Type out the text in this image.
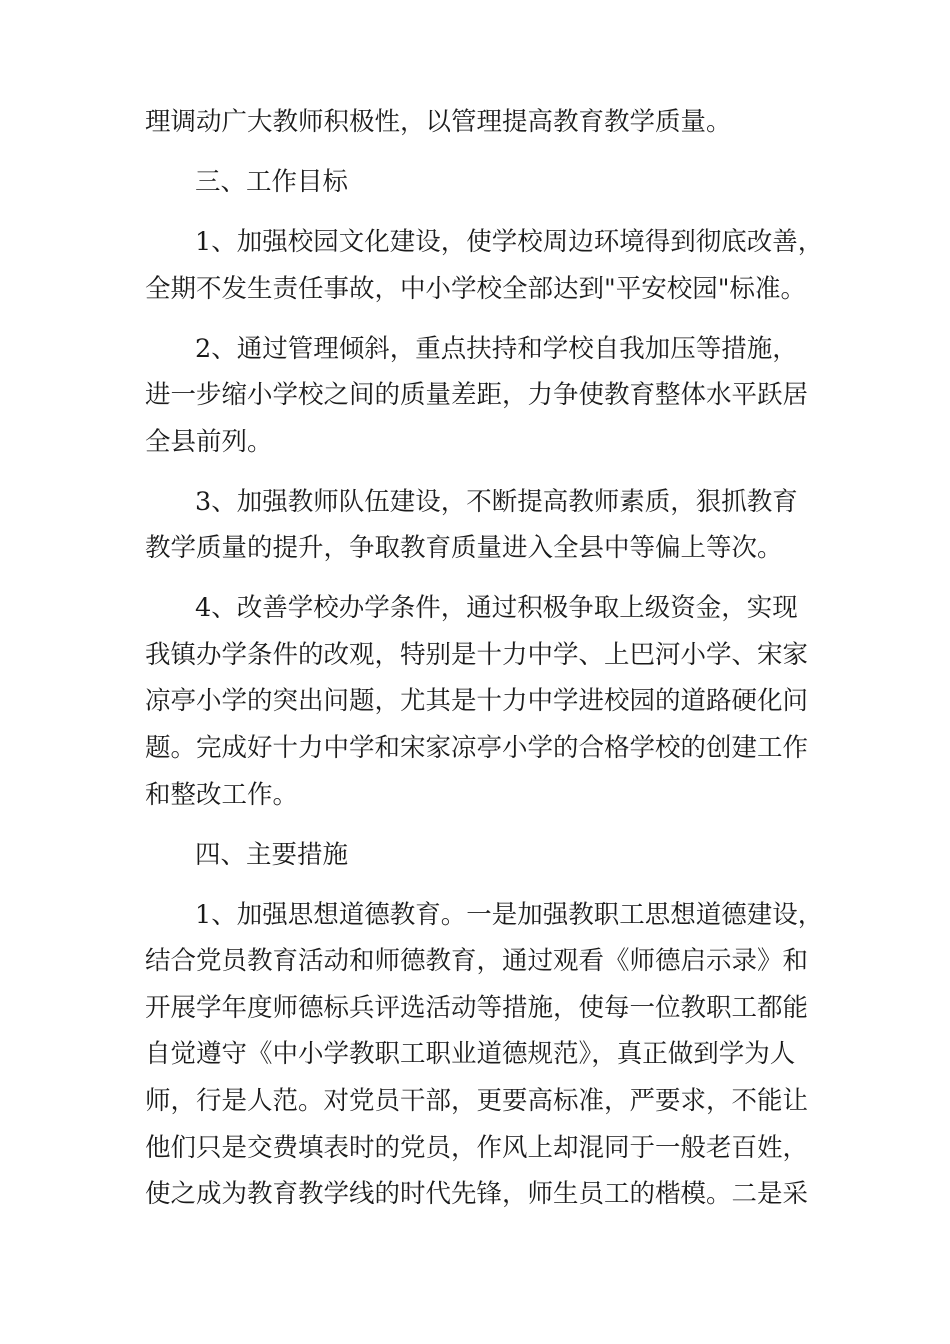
理调动广大教师积极性，以管理提高教育教学质量。
三、工作目标
1、加强校园文化建设，使学校周边环境得到彻底改善，
全期不发生责任事故，中小学校全部达到"平安校园"标准。
2、通过管理倾斜，重点扶持和学校自我加压等措施，
进一步缩小学校之间的质量差距，力争使教育整体水平跃居
全县前列。
3、加强教师队伍建设，不断提高教师素质，狠抓教育
教学质量的提升，争取教育质量进入全县中等偏上等次。
4、改善学校办学条件，通过积极争取上级资金，实现
我镇办学条件的改观，特别是十力中学、上巴河小学、宋家
凉亭小学的突出问题，尤其是十力中学进校园的道路硬化问
题。完成好十力中学和宋家凉亭小学的合格学校的创建工作
和整改工作。
四、主要措施
1、加强思想道德教育。一是加强教职工思想道德建设，
结合党员教育活动和师德教育，通过观看《师德启示录》和
开展学年度师德标兵评选活动等措施，使每一位教职工都能
自觉遵守《中小学教职工职业道德规范》，真正做到学为人
师，行是人范。对党员干部，更要高标准，严要求，不能让
他们只是交费填表时的党员，作风上却混同于一般老百姓，
使之成为教育教学线的时代先锋，师生员工的楷模。二是采
